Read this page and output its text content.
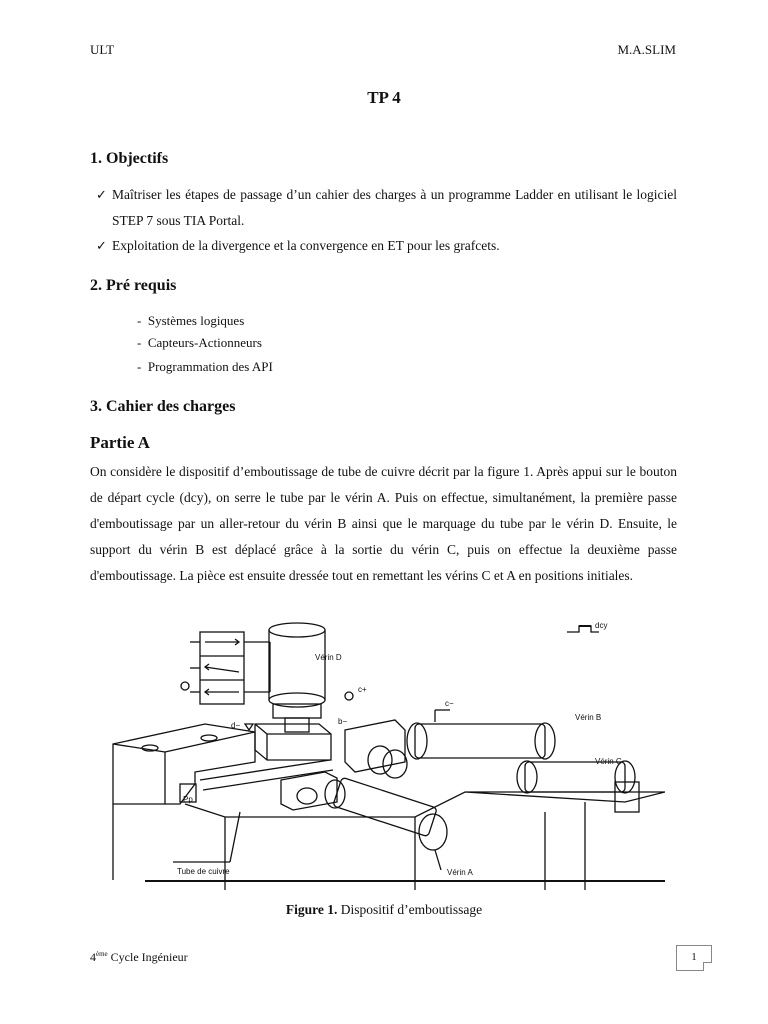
ULT	M.A.SLIM
TP 4
1. Objectifs
✓ Maîtriser les étapes de passage d’un cahier des charges à un programme Ladder en utilisant le logiciel STEP 7 sous TIA Portal.
✓ Exploitation de la divergence et la convergence en ET pour les grafcets.
2. Pré requis
-  Systèmes logiques
-  Capteurs-Actionneurs
-  Programmation des API
3. Cahier des charges
Partie A
On considère le dispositif d’emboutissage de tube de cuivre décrit par la figure 1. Après appui sur le bouton de départ cycle (dcy), on serre le tube par le vérin A. Puis on effectue, simultanément, la première passe d'emboutissage par un aller-retour du vérin B ainsi que le marquage du tube par le vérin D. Ensuite, le support du vérin B est déplacé grâce à la sortie du vérin C, puis on effectue la deuxième passe d'emboutissage. La pièce est ensuite dressée tout en remettant les vérins C et A en positions initiales.
dcy
Vérin D
c+
d−
Pp
b−
c−
Vérin B
Vérin C
Vérin A
Tube de cuivre
Figure 1. Dispositif d’emboutissage
4ème Cycle Ingénieur	1
